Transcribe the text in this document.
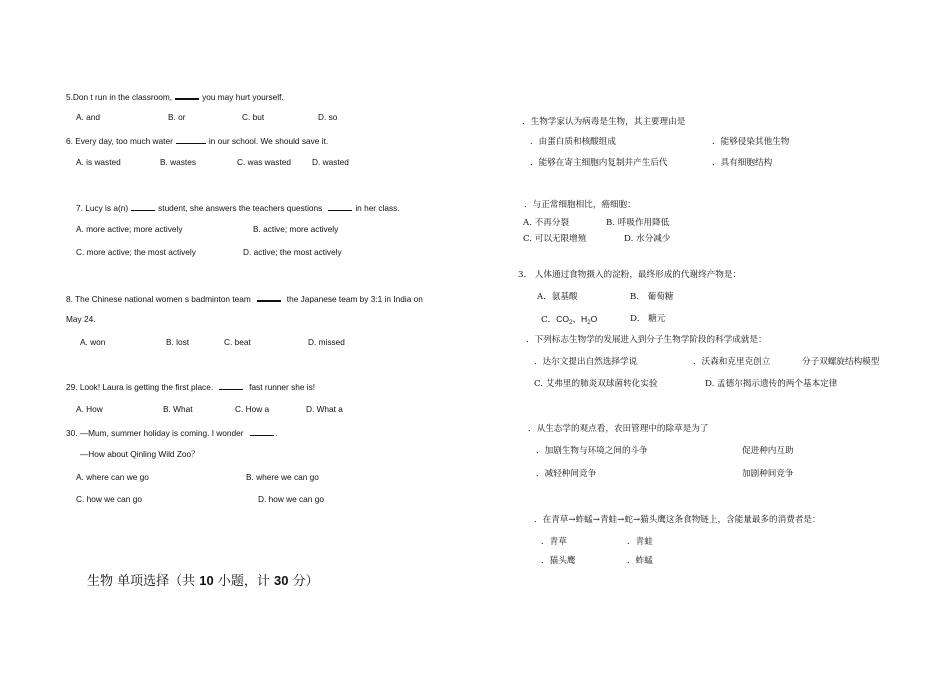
5.Don t run in the classroom,	you may hurt yourself.
A. and	B. or	C. but	D. so
6. Every day, too much water	in our school. We should save it.
A. is wasted	B. wastes	C. was wasted	D. wasted
7. Lucy is a(n)	student, she answers the teachers questions	in her class.
A. more active; more actively	B. active; more actively
C. more active; the most actively	D. active; the most actively
8. The Chinese national women s badminton team	the Japanese team by 3:1 in India on
May 24.
A. won	B. lost	C. beat	D. missed
29. Look! Laura is getting the first place.	fast runner she is!
A. How	B. What	C. How a	D. What a
30. —Mum, summer holiday is coming. I wonder	.
—How about Qinling Wild Zoo？
A. where can we go	B. where we can go
C. how we can go	D. how we can go
生物 单项选择（共 10 小题，计 30 分）
．生物学家认为病毒是生物，其主要理由是
．由蛋白质和核酸组成	．能够侵染其他生物
．能够在寄主细胞内复制并产生后代	．具有细胞结构
．与正常细胞相比，癌细胞：
A. 不再分裂	B. 呼吸作用降低
C. 可以无限增殖	D. 水分减少
3． 人体通过食物摄入的淀粉，最终形成的代谢终产物是：
A．氨基酸	B． 葡萄糖
C．$CO_2$、$H_2O$	D． 糖元
．下列标志生物学的发展进入到分子生物学阶段的科学成就是：
．达尔文提出自然选择学说	．沃森和克里克创立	分子双螺旋结构模型
C. 艾弗里的肺炎双球菌转化实验	D. 孟德尔揭示遗传的两个基本定律
．从生态学的观点看，农田管理中的除草是为了
．加剧生物与环境之间的斗争	促进种内互助
．减轻种间竞争	加剧种间竞争
．在青草→蚱蜢→青蛙→蛇→猫头鹰这条食物链上，含能量最多的消费者是：
．青草	．青蛙
．猫头鹰	．蚱蜢
